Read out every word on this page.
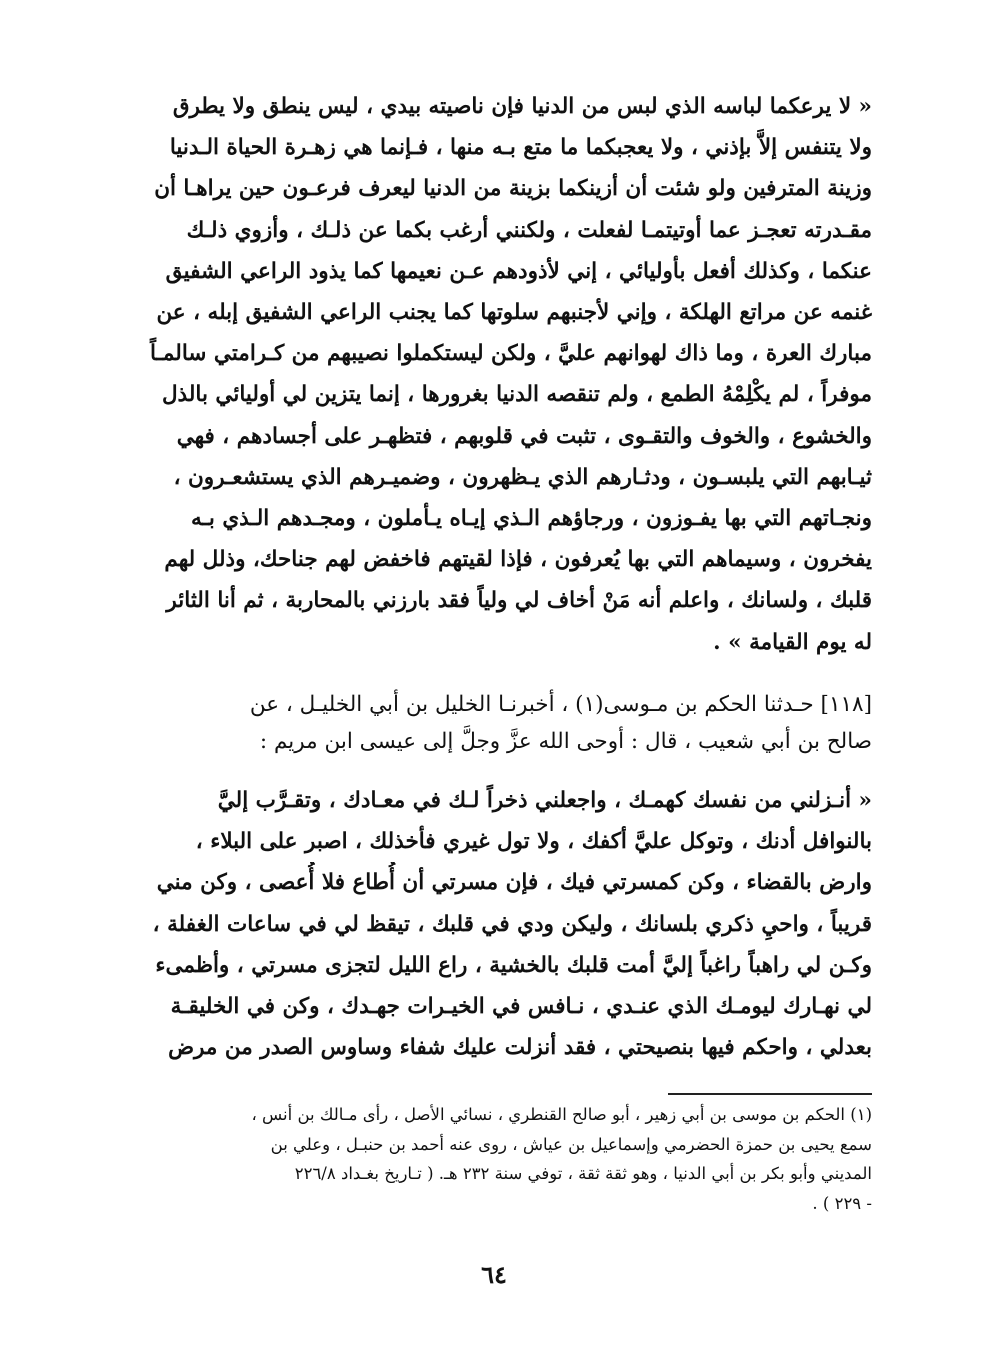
« لا يرعكما لباسه الذي لبس من الدنيا فإن ناصيته بيدي ، ليس ينطق ولا يطرق
ولا يتنفس إلاَّ بإذني ، ولا يعجبكما ما متع بـه منها ، فـإنما هي زهـرة الحياة الـدنيا
وزينة المترفين ولو شئت أن أزينكما بزينة من الدنيا ليعرف فرعـون حين يراهـا أن
مقـدرته تعجـز عما أوتيتمـا لفعلت ، ولكنني أرغب بكما عن ذلـك ، وأزوي ذلـك
عنكما ، وكذلك أفعل بأوليائي ، إني لأذودهم عـن نعيمها كما يذود الراعي الشفيق
غنمه عن مراتع الهلكة ، وإني لأجنبهم سلوتها كما يجنب الراعي الشفيق إبله ، عن
مبارك العرة ، وما ذاك لهوانهم عليَّ ، ولكن ليستكملوا نصيبهم من كـرامتي سالمـاً
موفراً ، لم يكْلِمْهُ الطمع ، ولم تنقصه الدنيا بغرورها ، إنما يتزين لي أوليائي بالذل
والخشوع ، والخوف والتقـوى ، تثبت في قلوبهم ، فتظهـر على أجسادهم ، فهي
ثيـابهم التي يلبسـون ، ودثـارهم الذي يـظهرون ، وضميـرهم الذي يستشعـرون ،
ونجـاتهم التي بها يفـوزون ، ورجاؤهم الـذي إيـاه يـأملون ، ومجـدهم الـذي بـه
يفخرون ، وسيماهم التي بها يُعرفون ، فإذا لقيتهم فاخفض لهم جناحك، وذلل لهم
قلبك ، ولسانك ، واعلم أنه مَنْ أخاف لي ولياً فقد بارزني بالمحاربة ، ثم أنا الثائر
له يوم القيامة » .
[١١٨] حـدثنا الحكم بن مـوسى(١) ، أخبرنـا الخليل بن أبي الخليـل ، عن
صالح بن أبي شعيب ، قال : أوحى الله عزَّ وجلَّ إلى عيسى ابن مريم :
« أنـزلني من نفسك كهمـك ، واجعلني ذخراً لـك في معـادك ، وتقـرَّب إليَّ
بالنوافل أدنك ، وتوكل عليَّ أكفك ، ولا تول غيري فأخذلك ، اصبر على البلاء ،
وارض بالقضاء ، وكن كمسرتي فيك ، فإن مسرتي أن أُطاع فلا أُعصى ، وكن مني
قريباً ، واحيِ ذكري بلسانك ، وليكن ودي في قلبك ، تيقظ لي في ساعات الغفلة ،
وكـن لي راهباً راغباً إليَّ أمت قلبك بالخشية ، راع الليل لتجزى مسرتي ، وأظمىء
لي نهـارك ليومـك الذي عنـدي ، نـافس في الخيـرات جهـدك ، وكن في الخليقـة
بعدلي ، واحكم فيها بنصيحتي ، فقد أنزلت عليك شفاء وساوس الصدر من مرض
(١) الحكم بن موسى بن أبي زهير ، أبو صالح القنطري ، نسائي الأصل ، رأى مـالك بن أنس ،
سمع يحيى بن حمزة الحضرمي وإسماعيل بن عياش ، روى عنه أحمد بن حنبـل ، وعلي بن
المديني وأبو بكر بن أبي الدنيا ، وهو ثقة ثقة ، توفي سنة ٢٣٢ هـ. ( تـاريخ بغـداد ٢٢٦/٨
- ٢٢٩ ) .
٦٤
